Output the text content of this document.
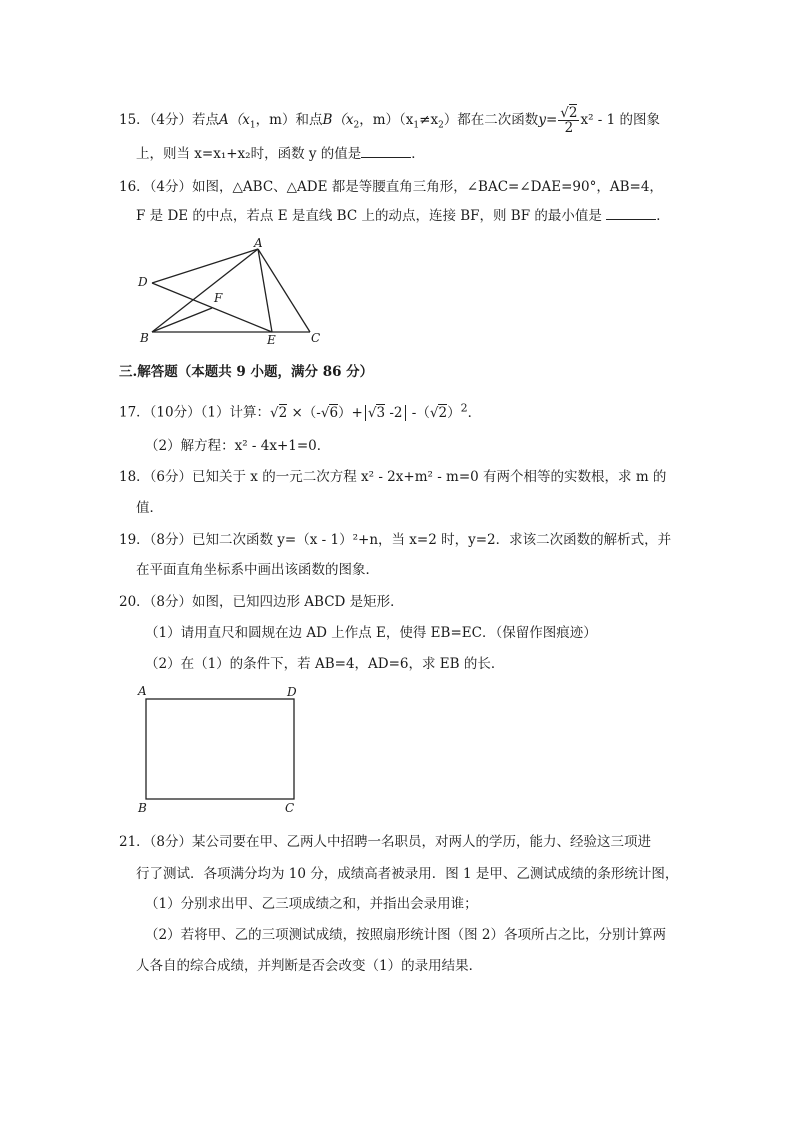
15．（4分）若点$A(x_1$，m）和点$B(x_2$，$m)(x_1\ne x_2)$都在二次函数$y= \frac{√2}{2} x^2 - 1$ 的图象
上，则当 x=x₁+x₂时，函数 y 的值是	．
16．（4分）如图，△ABC、△ADE 都是等腰直角三角形，∠BAC=∠DAE=90°，AB=4，
F 是 DE 的中点，若点 E 是直线 BC 上的动点，连接 BF，则 BF 的最小值是	．
A
D
F
B	E	C
三.解答题（本题共 9 小题，满分 86 分）
17．（10分）（1）计算：√2 ×（-√6）+ √3 -2 $-(√2)^2$．
（2）解方程：x² - 4x+1=0．
18．（6分）已知关于 x 的一元二次方程 x² - 2x+m² - m=0 有两个相等的实数根，求 m 的
值．
19．（8分）已知二次函数 y=（x - 1）²+n，当 x=2 时，y=2．求该二次函数的解析式，并
在平面直角坐标系中画出该函数的图象．
20．（8分）如图，已知四边形 ABCD 是矩形．
（1）请用直尺和圆规在边 AD 上作点 E，使得 EB=EC．（保留作图痕迹）
（2）在（1）的条件下，若 AB=4，AD=6，求 EB 的长．
A	D
B	C
21．（8分）某公司要在甲、乙两人中招聘一名职员，对两人的学历，能力、经验这三项进
行了测试．各项满分均为 10 分，成绩高者被录用．图 1 是甲、乙测试成绩的条形统计图，
（1）分别求出甲、乙三项成绩之和，并指出会录用谁；
（2）若将甲、乙的三项测试成绩，按照扇形统计图（图 2）各项所占之比，分别计算两
人各自的综合成绩，并判断是否会改变（1）的录用结果．
